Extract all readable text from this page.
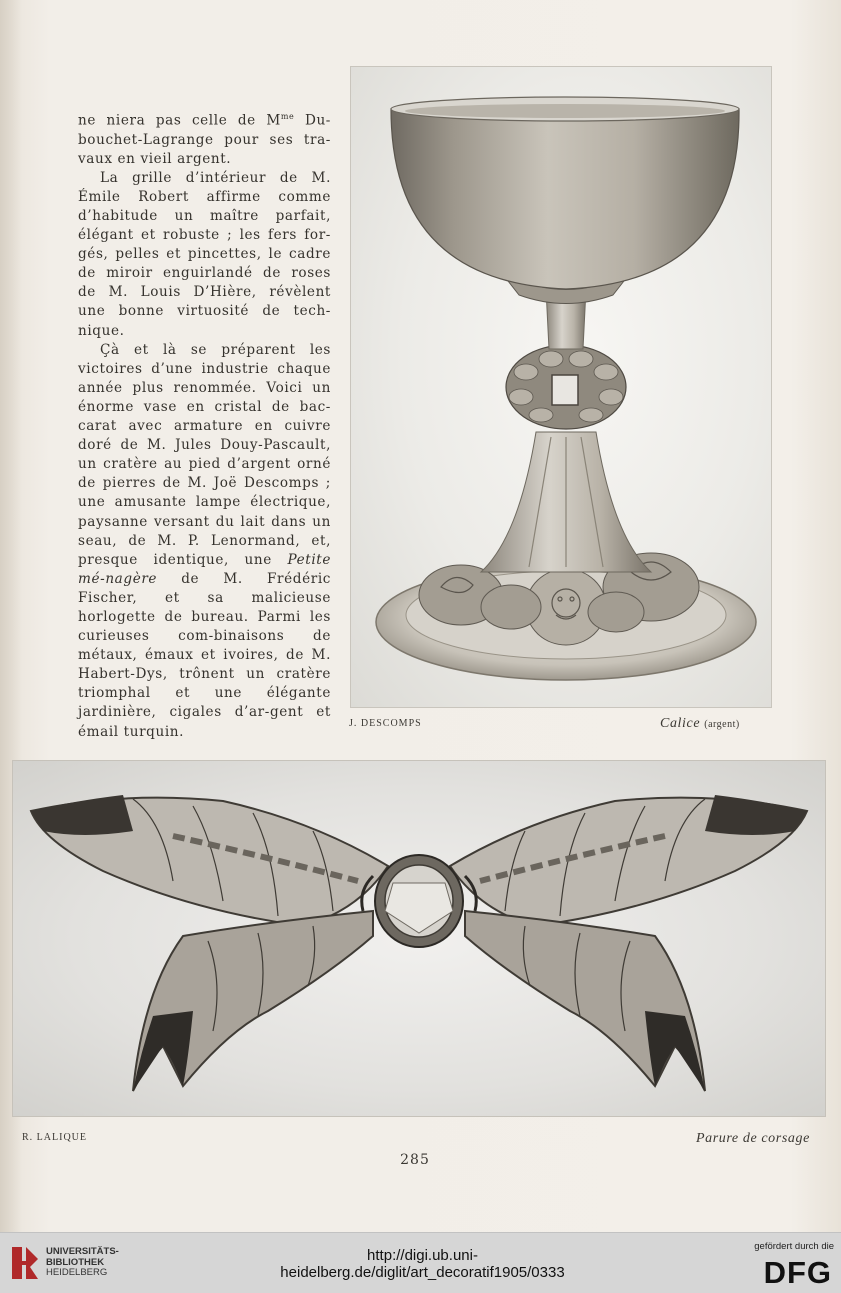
ne niera pas celle de $M^{me}$ Du-bouchet-Lagrange pour ses tra-vaux en vieil argent.

La grille d’intérieur de M. Émile Robert affirme comme d’habitude un maître parfait, élégant et robuste ; les fers for-gés, pelles et pincettes, le cadre de miroir enguirlandé de roses de M. Louis D’Hière, révèlent une bonne virtuosité de tech-nique.

Çà et là se préparent les victoires d’une industrie chaque année plus renommée. Voici un énorme vase en cristal de bac-carat avec armature en cuivre doré de M. Jules Douy-Pascault, un cratère au pied d’argent orné de pierres de M. Joë Descomps ; une amusante lampe électrique, paysanne versant du lait dans un seau, de M. P. Lenormand, et, presque identique, une Petite mé-nagère de M. Frédéric Fischer, et sa malicieuse horlogette de bureau. Parmi les curieuses com-binaisons de métaux, émaux et ivoires, de M. Habert-Dys, trônent un cratère triomphal et une élégante jardinière, cigales d’ar-gent et émail turquin.

J. DESCOMPS	Calice (argent)
R. LALIQUE	Parure de corsage
285
UNIVERSITÄTS-
BIBLIOTHEK
HEIDELBERG
http://digi.ub.uni-heidelberg.de/diglit/art_decoratif1905/0333
gefördert durch die
DFG
